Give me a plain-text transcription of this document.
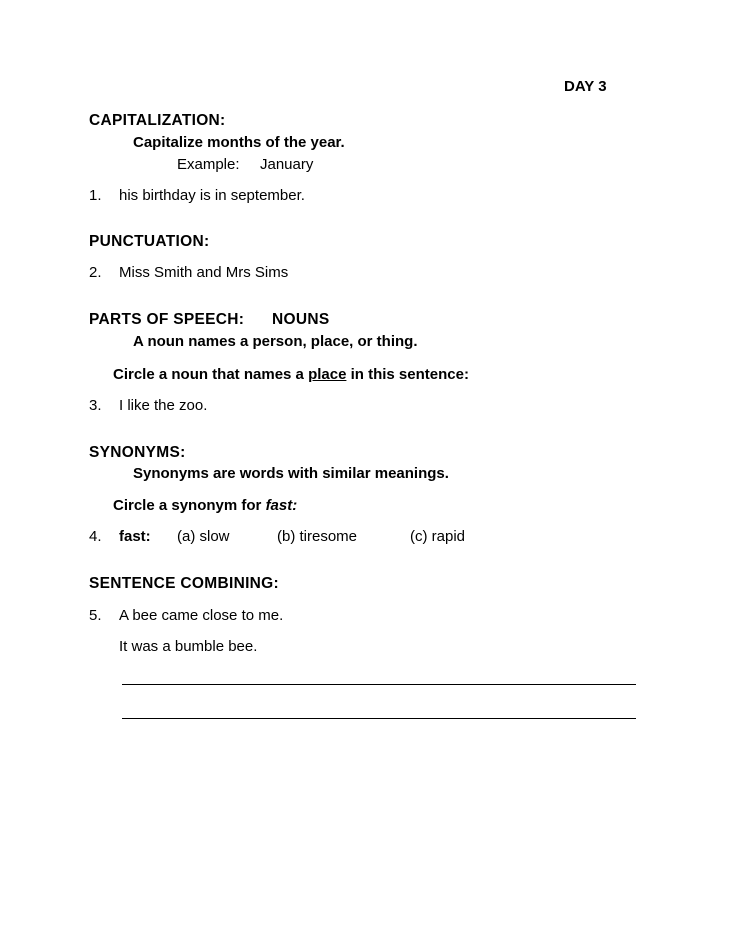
DAY 3
CAPITALIZATION:
Capitalize months of the year.
Example: January
1. his birthday is in september.
PUNCTUATION:
2. Miss Smith and Mrs Sims
PARTS OF SPEECH: NOUNS
A noun names a person, place, or thing.
Circle a noun that names a place in this sentence:
3. I like the zoo.
SYNONYMS:
Synonyms are words with similar meanings.
Circle a synonym for fast:
4. fast: (a) slow	(b) tiresome	(c) rapid
SENTENCE COMBINING:
5. A bee came close to me.
It was a bumble bee.
